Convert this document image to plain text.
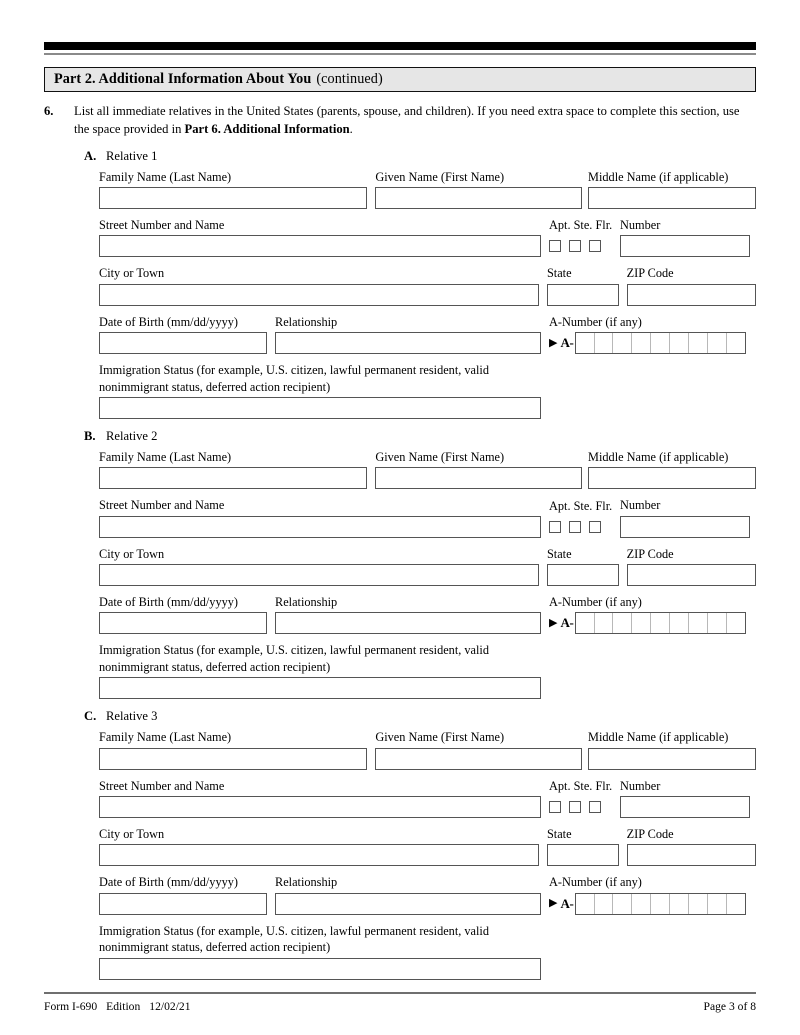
Part 2. Additional Information About You (continued)
6.	List all immediate relatives in the United States (parents, spouse, and children). If you need extra space to complete this section, use the space provided in Part 6. Additional Information.
A. Relative 1
Family Name (Last Name)	Given Name (First Name)	Middle Name (if applicable)
Street Number and Name	Apt. Ste. Flr. Number
City or Town	State	ZIP Code
Date of Birth (mm/dd/yyyy)	Relationship	A-Number (if any)
▶ A-
Immigration Status (for example, U.S. citizen, lawful permanent resident, valid nonimmigrant status, deferred action recipient)
B. Relative 2
Family Name (Last Name)	Given Name (First Name)	Middle Name (if applicable)
Street Number and Name	Apt. Ste. Flr. Number
City or Town	State	ZIP Code
Date of Birth (mm/dd/yyyy)	Relationship	A-Number (if any)
▶ A-
Immigration Status (for example, U.S. citizen, lawful permanent resident, valid nonimmigrant status, deferred action recipient)
C. Relative 3
Family Name (Last Name)	Given Name (First Name)	Middle Name (if applicable)
Street Number and Name	Apt. Ste. Flr. Number
City or Town	State	ZIP Code
Date of Birth (mm/dd/yyyy)	Relationship	A-Number (if any)
▶ A-
Immigration Status (for example, U.S. citizen, lawful permanent resident, valid nonimmigrant status, deferred action recipient)
Form I-690 Edition 12/02/21	Page 3 of 8
